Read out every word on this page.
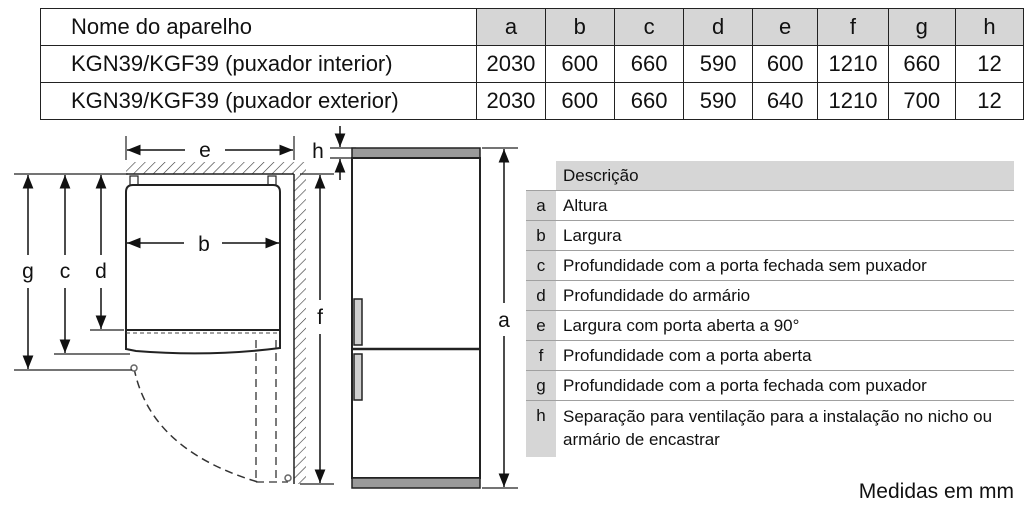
Nome do aparelho	a	b	c	d	e	f	g	h
KGN39/KGF39 (puxador interior)	2030	600	660	590	600	1210	660	12
KGN39/KGF39 (puxador exterior)	2030	600	660	590	640	1210	700	12
e
b
g c d
f
h
a
Descrição
a	Altura
b	Largura
c	Profundidade com a porta fechada sem puxador
d	Profundidade do armário
e	Largura com porta aberta a 90°
f	Profundidade com a porta aberta
g	Profundidade com a porta fechada com puxador
h	Separação para ventilação para a instalação no nicho ou armário de encastrar
Medidas em mm
